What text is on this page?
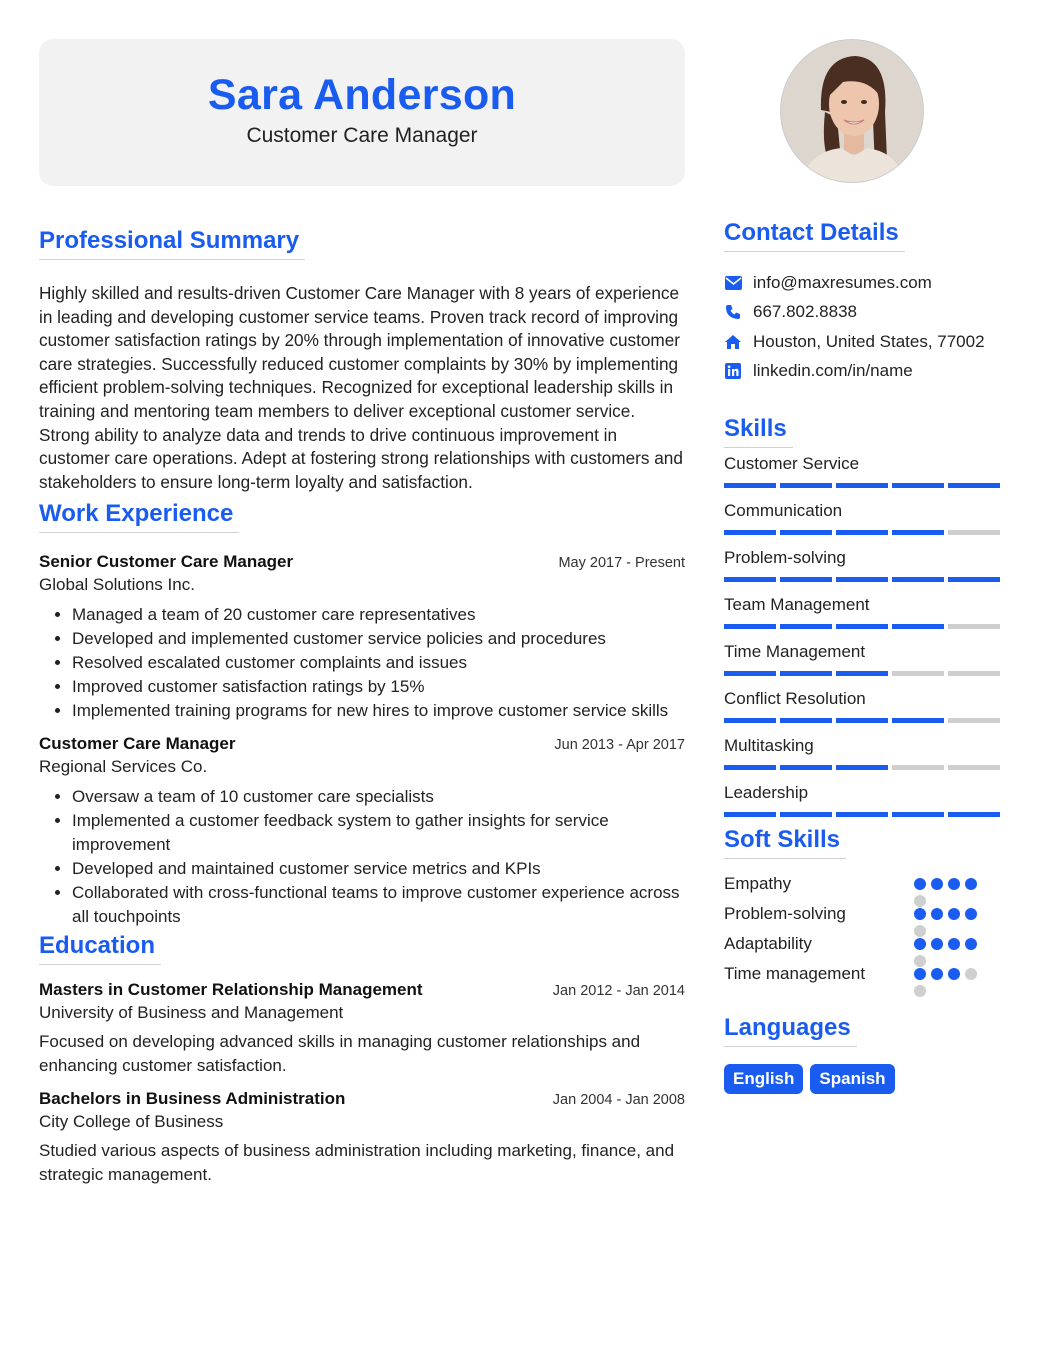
Sara Anderson
Customer Care Manager
Professional Summary
Highly skilled and results-driven Customer Care Manager with 8 years of experience in leading and developing customer service teams. Proven track record of improving customer satisfaction ratings by 20% through implementation of innovative customer care strategies. Successfully reduced customer complaints by 30% by implementing efficient problem-solving techniques. Recognized for exceptional leadership skills in training and mentoring team members to deliver exceptional customer service. Strong ability to analyze data and trends to drive continuous improvement in customer care operations. Adept at fostering strong relationships with customers and stakeholders to ensure long-term loyalty and satisfaction.
Work Experience
Senior Customer Care Manager	May 2017 - Present
Global Solutions Inc.
• Managed a team of 20 customer care representatives
• Developed and implemented customer service policies and procedures
• Resolved escalated customer complaints and issues
• Improved customer satisfaction ratings by 15%
• Implemented training programs for new hires to improve customer service skills
Customer Care Manager	Jun 2013 - Apr 2017
Regional Services Co.
• Oversaw a team of 10 customer care specialists
• Implemented a customer feedback system to gather insights for service improvement
• Developed and maintained customer service metrics and KPIs
• Collaborated with cross-functional teams to improve customer experience across all touchpoints
Education
Masters in Customer Relationship Management	Jan 2012 - Jan 2014
University of Business and Management
Focused on developing advanced skills in managing customer relationships and enhancing customer satisfaction.
Bachelors in Business Administration	Jan 2004 - Jan 2008
City College of Business
Studied various aspects of business administration including marketing, finance, and strategic management.
Contact Details
info@maxresumes.com
667.802.8838
Houston, United States, 77002
linkedin.com/in/name
Skills
Customer Service
Communication
Problem-solving
Team Management
Time Management
Conflict Resolution
Multitasking
Leadership
Soft Skills
Empathy
Problem-solving
Adaptability
Time management
Languages
English	Spanish
